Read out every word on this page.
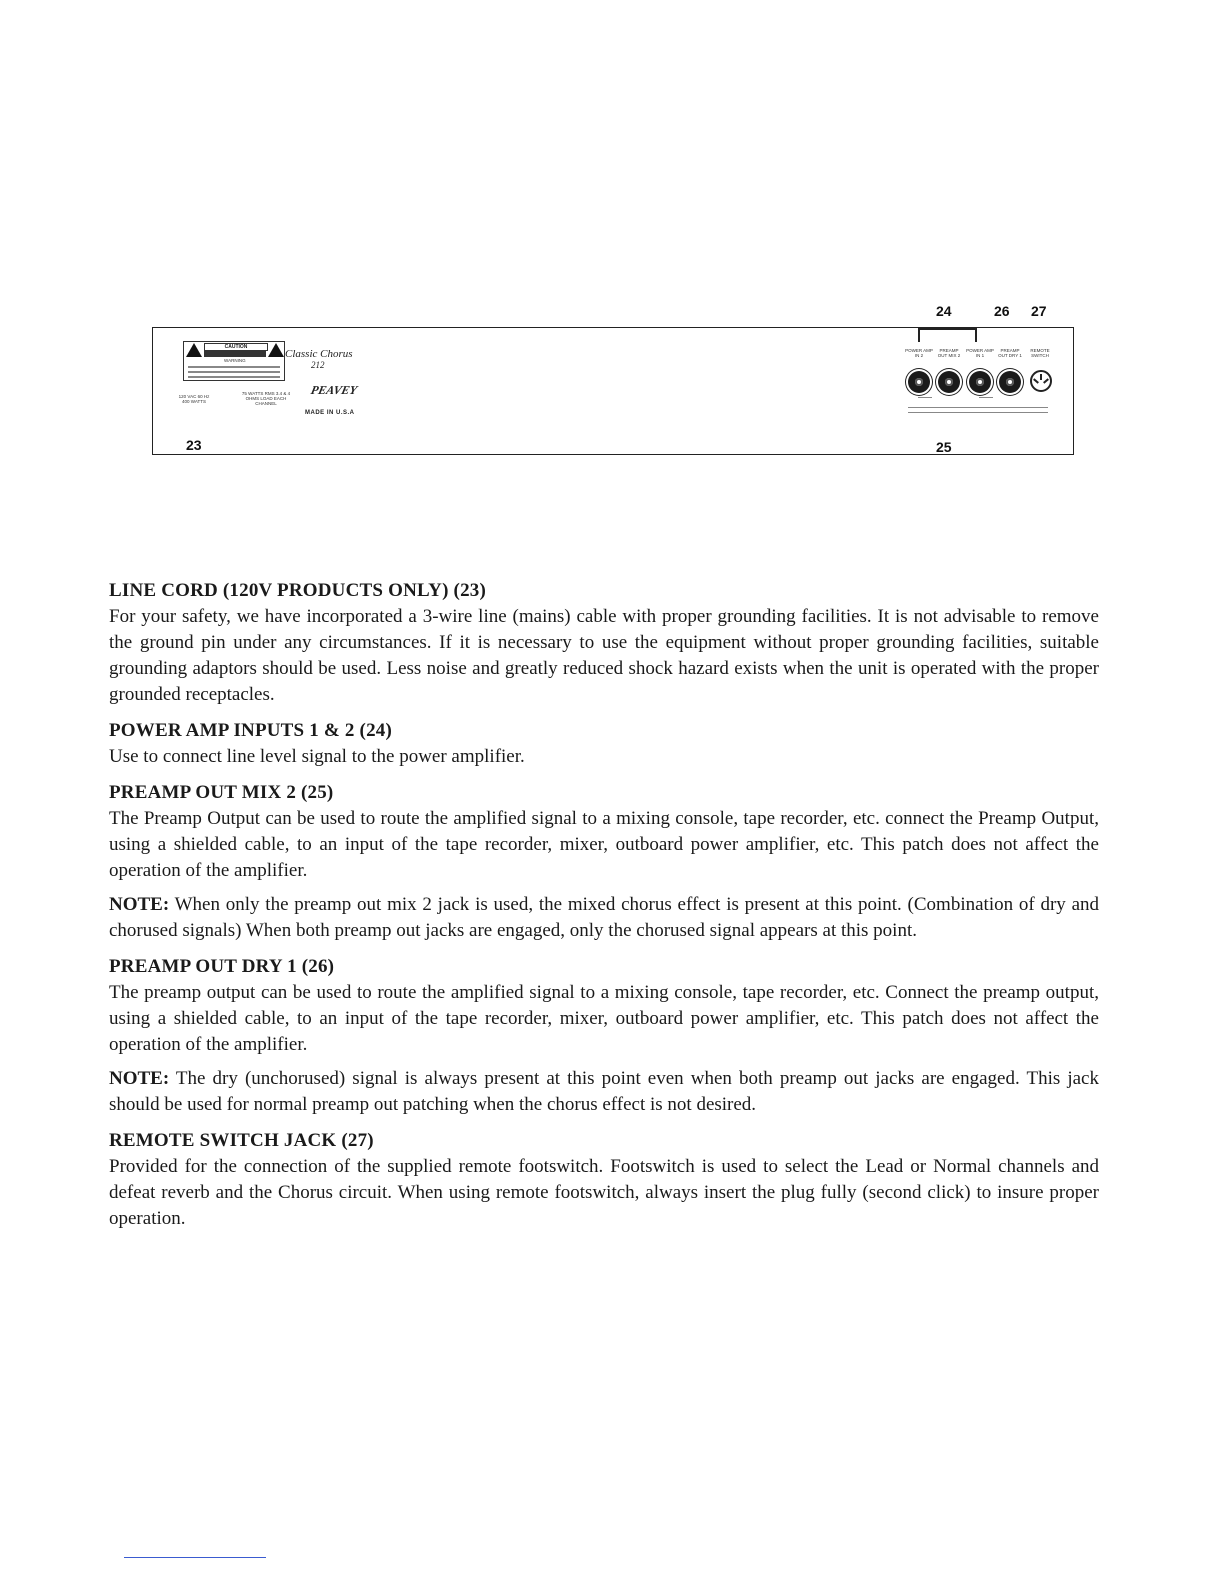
24	26 27
23	25
CAUTION
WARNING
120 VAC 60 Hz 400 WATTS
75 WATTS RMS 3.4 & 4 OHMS LOAD EACH CHANNEL
Classic Chorus
212
PEAVEY
MADE IN U.S.A
POWER AMP IN 2
PREAMP OUT MIX 2
POWER AMP IN 1
PREAMP OUT DRY 1
REMOTE SWITCH
LINE CORD (120V PRODUCTS ONLY) (23)

For your safety, we have incorporated a 3-wire line (mains) cable with proper grounding facilities. It is not advisable to remove the ground pin under any circumstances. If it is necessary to use the equipment without proper grounding facilities, suitable grounding adaptors should be used. Less noise and greatly reduced shock hazard exists when the unit is operated with the proper grounded receptacles.

POWER AMP INPUTS 1 & 2 (24)

Use to connect line level signal to the power amplifier.

PREAMP OUT MIX 2 (25)

The Preamp Output can be used to route the amplified signal to a mixing console, tape recorder, etc. connect the Preamp Output, using a shielded cable, to an input of the tape recorder, mixer, outboard power amplifier, etc. This patch does not affect the operation of the amplifier.

NOTE: When only the preamp out mix 2 jack is used, the mixed chorus effect is present at this point. (Combination of dry and chorused signals) When both preamp out jacks are engaged, only the chorused signal appears at this point.

PREAMP OUT DRY 1 (26)

The preamp output can be used to route the amplified signal to a mixing console, tape recorder, etc. Connect the preamp output, using a shielded cable, to an input of the tape recorder, mixer, outboard power amplifier, etc. This patch does not affect the operation of the amplifier.

NOTE: The dry (unchorused) signal is always present at this point even when both preamp out jacks are engaged. This jack should be used for normal preamp out patching when the chorus effect is not desired.

REMOTE SWITCH JACK (27)

Provided for the connection of the supplied remote footswitch. Footswitch is used to select the Lead or Normal channels and defeat reverb and the Chorus circuit. When using remote footswitch, always insert the plug fully (second click) to insure proper operation.
